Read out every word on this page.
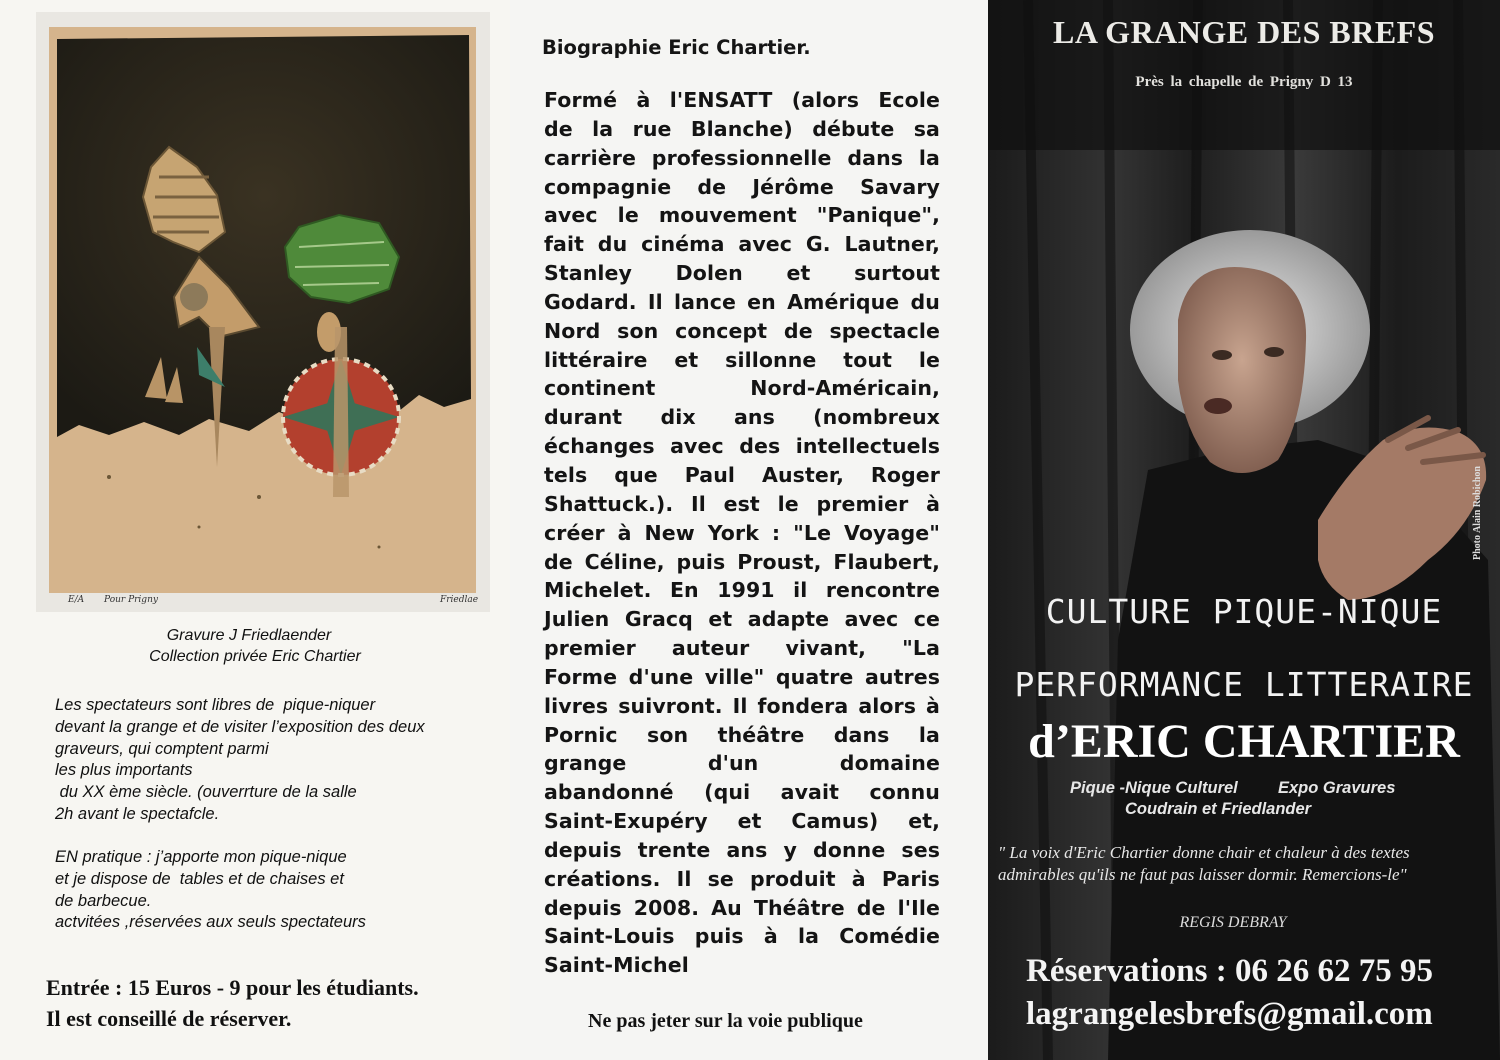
E/A Pour Prigny	Friedlae
Gravure J Friedlaender
Collection privée Eric Chartier
Les spectateurs sont libres de  pique-niquer
devant la grange et de visiter l’exposition des deux
graveurs, qui comptent parmi
les plus importants
du XX ème siècle. (ouverrture de la salle
2h avant le spectafcle.
EN pratique : j’apporte mon pique-nique
et je dispose de  tables et de chaises et
de barbecue.
actvitées ,réservées aux seuls spectateurs
Entrée : 15 Euros - 9 pour les étudiants.
Il est conseillé de réserver.
Biographie Eric Chartier.
Formé à l'ENSATT (alors Ecole
de la rue Blanche) débute sa
carrière professionnelle dans la
compagnie de Jérôme Savary
avec le mouvement "Panique",
fait du cinéma avec G. Lautner,
Stanley Dolen et surtout
Godard. Il lance en Amérique du
Nord son concept de spectacle
littéraire et sillonne tout le
continent Nord-Américain,
durant dix ans (nombreux
échanges avec des intellectuels
tels que Paul Auster, Roger
Shattuck.). Il est le premier à
créer à New York : "Le Voyage"
de Céline, puis Proust, Flaubert,
Michelet. En 1991 il rencontre
Julien Gracq et adapte avec ce
premier auteur vivant, "La
Forme d'une ville" quatre autres
livres suivront. Il fondera alors à
Pornic son théâtre dans la
grange d'un domaine
abandonné (qui avait connu
Saint-Exupéry et Camus) et,
depuis trente ans y donne ses
créations. Il se produit à Paris
depuis 2008. Au Théâtre de l'Ile
Saint-Louis puis à la Comédie
Saint-Michel
Ne pas jeter sur la voie publique
LA GRANGE DES BREFS
Près la chapelle de Prigny D 13
CULTURE PIQUE-NIQUE
PERFORMANCE LITTERAIRE
d’ERIC CHARTIER
Pique -Nique Culturel Expo Gravures
Coudrain et Friedlander
" La voix d'Eric Chartier donne chair et chaleur à des textes
admirables qu'ils ne faut pas laisser dormir. Remercions-le"
REGIS DEBRAY
Réservations : 06 26 62 75 95
lagrangelesbrefs@gmail.com
Photo Alain Robichon
